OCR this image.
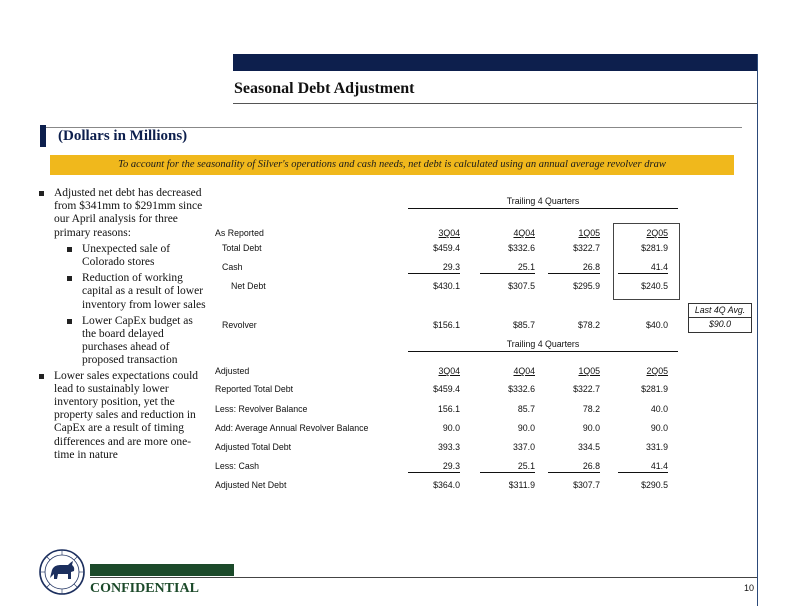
Seasonal Debt Adjustment
(Dollars in Millions)
To account for the seasonality of Silver's operations and cash needs, net debt is calculated using an annual average revolver draw
Adjusted net debt has decreased from $341mm to $291mm since our April analysis for three primary reasons:
Unexpected sale of Colorado stores
Reduction of working capital as a result of lower inventory from lower sales
Lower CapEx budget as the board delayed purchases ahead of proposed transaction
Lower sales expectations could lead to sustainably lower inventory position, yet the property sales and reduction in CapEx are a result of timing differences and are more one-time in nature
Trailing 4 Quarters
As Reported	3Q04	4Q04	1Q05	2Q05
Total Debt	$459.4	$332.6	$322.7	$281.9
Cash	29.3	25.1	26.8	41.4
Net Debt	$430.1	$307.5	$295.9	$240.5
Last 4Q Avg.
$90.0
Revolver	$156.1	$85.7	$78.2	$40.0
Trailing 4 Quarters
Adjusted	3Q04	4Q04	1Q05	2Q05
Reported Total Debt	$459.4	$332.6	$322.7	$281.9
Less: Revolver Balance	156.1	85.7	78.2	40.0
Add: Average Annual Revolver Balance	90.0	90.0	90.0	90.0
Adjusted Total Debt	393.3	337.0	334.5	331.9
Less: Cash	29.3	25.1	26.8	41.4
Adjusted Net Debt	$364.0	$311.9	$307.7	$290.5
CONFIDENTIAL	10
